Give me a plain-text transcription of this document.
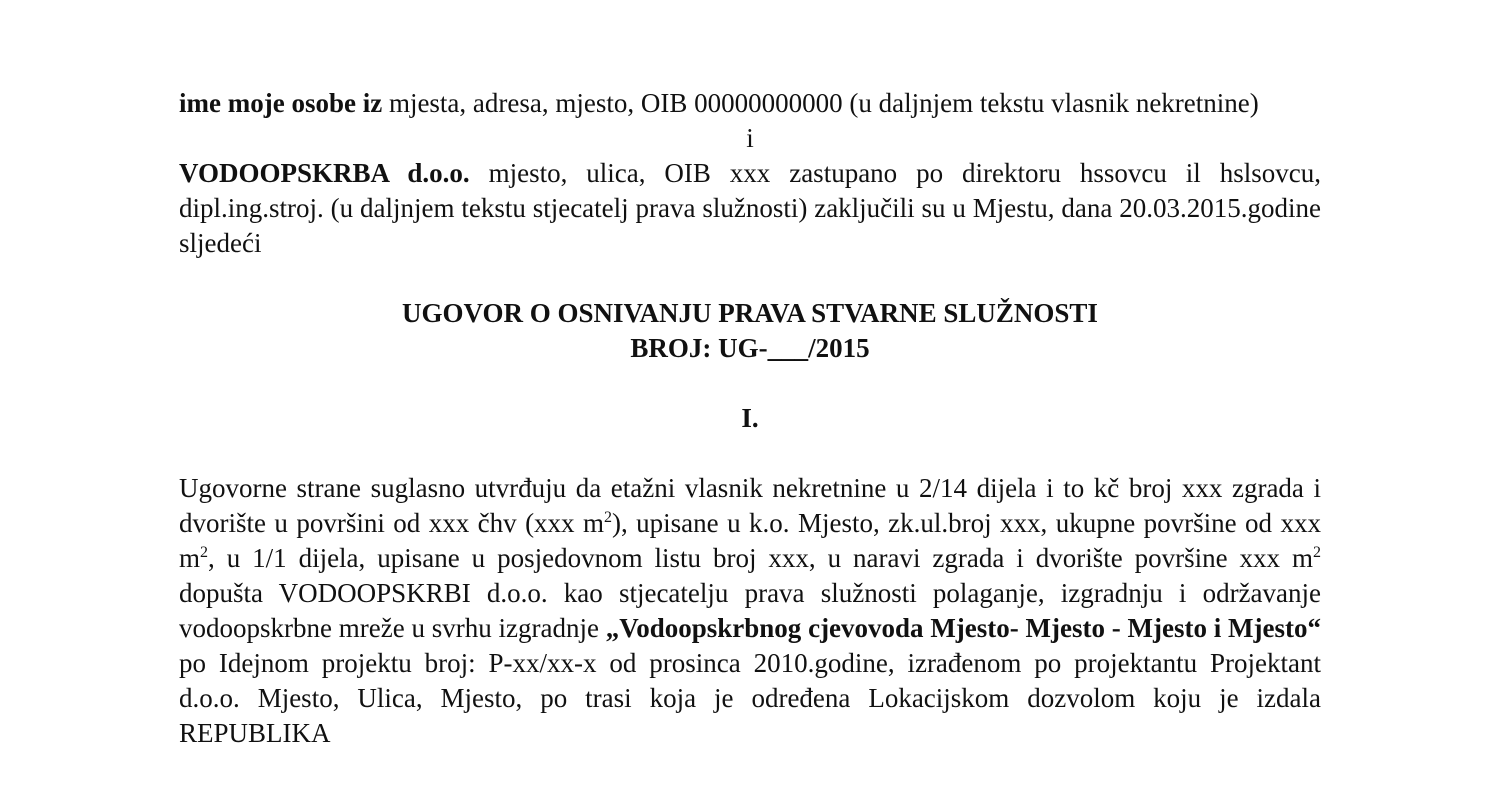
ime moje osobe iz mjesta, adresa, mjesto, OIB 00000000000 (u daljnjem tekstu vlasnik nekretnine)

i

VODOOPSKRBA d.o.o. mjesto, ulica, OIB xxx zastupano po direktoru hssovcu il hslsovcu, dipl.ing.stroj. (u daljnjem tekstu stjecatelj prava služnosti) zaključili su u Mjestu, dana 20.03.2015.godine sljedeći

UGOVOR O OSNIVANJU PRAVA STVARNE SLUŽNOSTI

BROJ: UG-___/2015

I.

Ugovorne strane suglasno utvrđuju da etažni vlasnik nekretnine u 2/14 dijela i to kč broj xxx zgrada i dvorište u površini od xxx čhv (xxx $m^2$), upisane u k.o. Mjesto, zk.ul.broj xxx, ukupne površine od xxx $m^2$, u 1/1 dijela, upisane u posjedovnom listu broj xxx, u naravi zgrada i dvorište površine xxx $m^2$ dopušta VODOOPSKRBI d.o.o. kao stjecatelju prava služnosti polaganje, izgradnju i održavanje vodoopskrbne mreže u svrhu izgradnje „Vodoopskrbnog cjevovoda Mjesto- Mjesto - Mjesto i Mjesto“ po Idejnom projektu broj: P-xx/xx-x od prosinca 2010.godine, izrađenom po projektantu Projektant d.o.o. Mjesto, Ulica, Mjesto, po trasi koja je određena Lokacijskom dozvolom koju je izdala REPUBLIKA
